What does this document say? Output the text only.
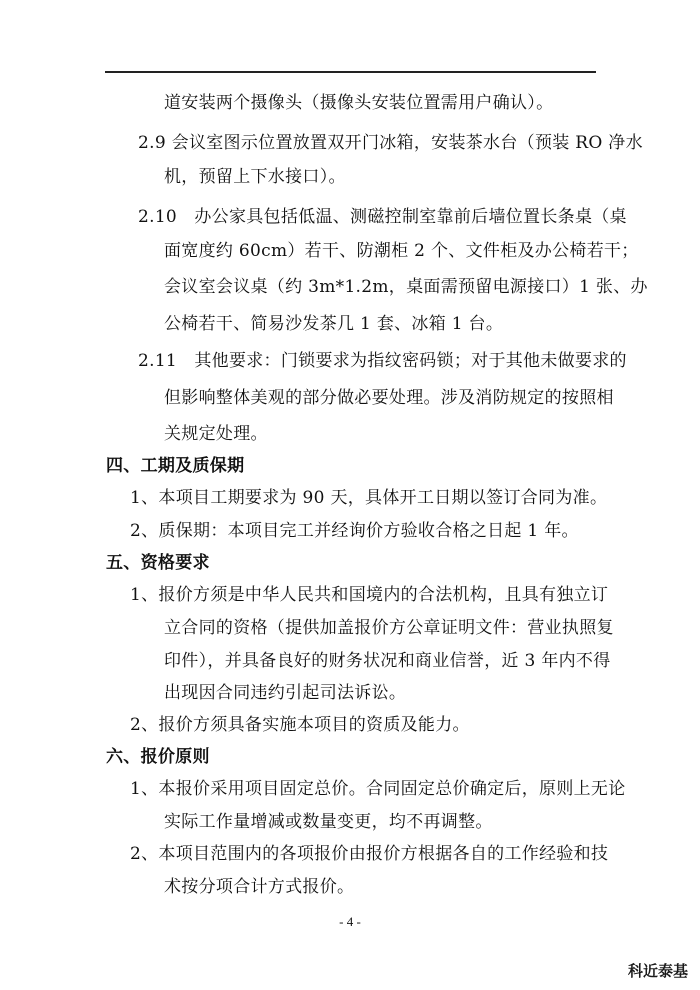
道安装两个摄像头（摄像头安装位置需用户确认）。
2.9 会议室图示位置放置双开门冰箱，安装茶水台（预装 RO 净水
机，预留上下水接口）。
2.10　办公家具包括低温、测磁控制室靠前后墙位置长条桌（桌
面宽度约 60cm）若干、防潮柜 2 个、文件柜及办公椅若干；
会议室会议桌（约 3m*1.2m，桌面需预留电源接口）1 张、办
公椅若干、简易沙发茶几 1 套、冰箱 1 台。
2.11　其他要求：门锁要求为指纹密码锁；对于其他未做要求的
但影响整体美观的部分做必要处理。涉及消防规定的按照相
关规定处理。
四、工期及质保期
1、本项目工期要求为 90 天，具体开工日期以签订合同为准。
2、质保期：本项目完工并经询价方验收合格之日起 1 年。
五、资格要求
1、报价方须是中华人民共和国境内的合法机构，且具有独立订
立合同的资格（提供加盖报价方公章证明文件：营业执照复
印件），并具备良好的财务状况和商业信誉，近 3 年内不得
出现因合同违约引起司法诉讼。
2、报价方须具备实施本项目的资质及能力。
六、报价原则
1、本报价采用项目固定总价。合同固定总价确定后，原则上无论
实际工作量增减或数量变更，均不再调整。
2、本项目范围内的各项报价由报价方根据各自的工作经验和技
术按分项合计方式报价。
- 4 -
科近泰基
